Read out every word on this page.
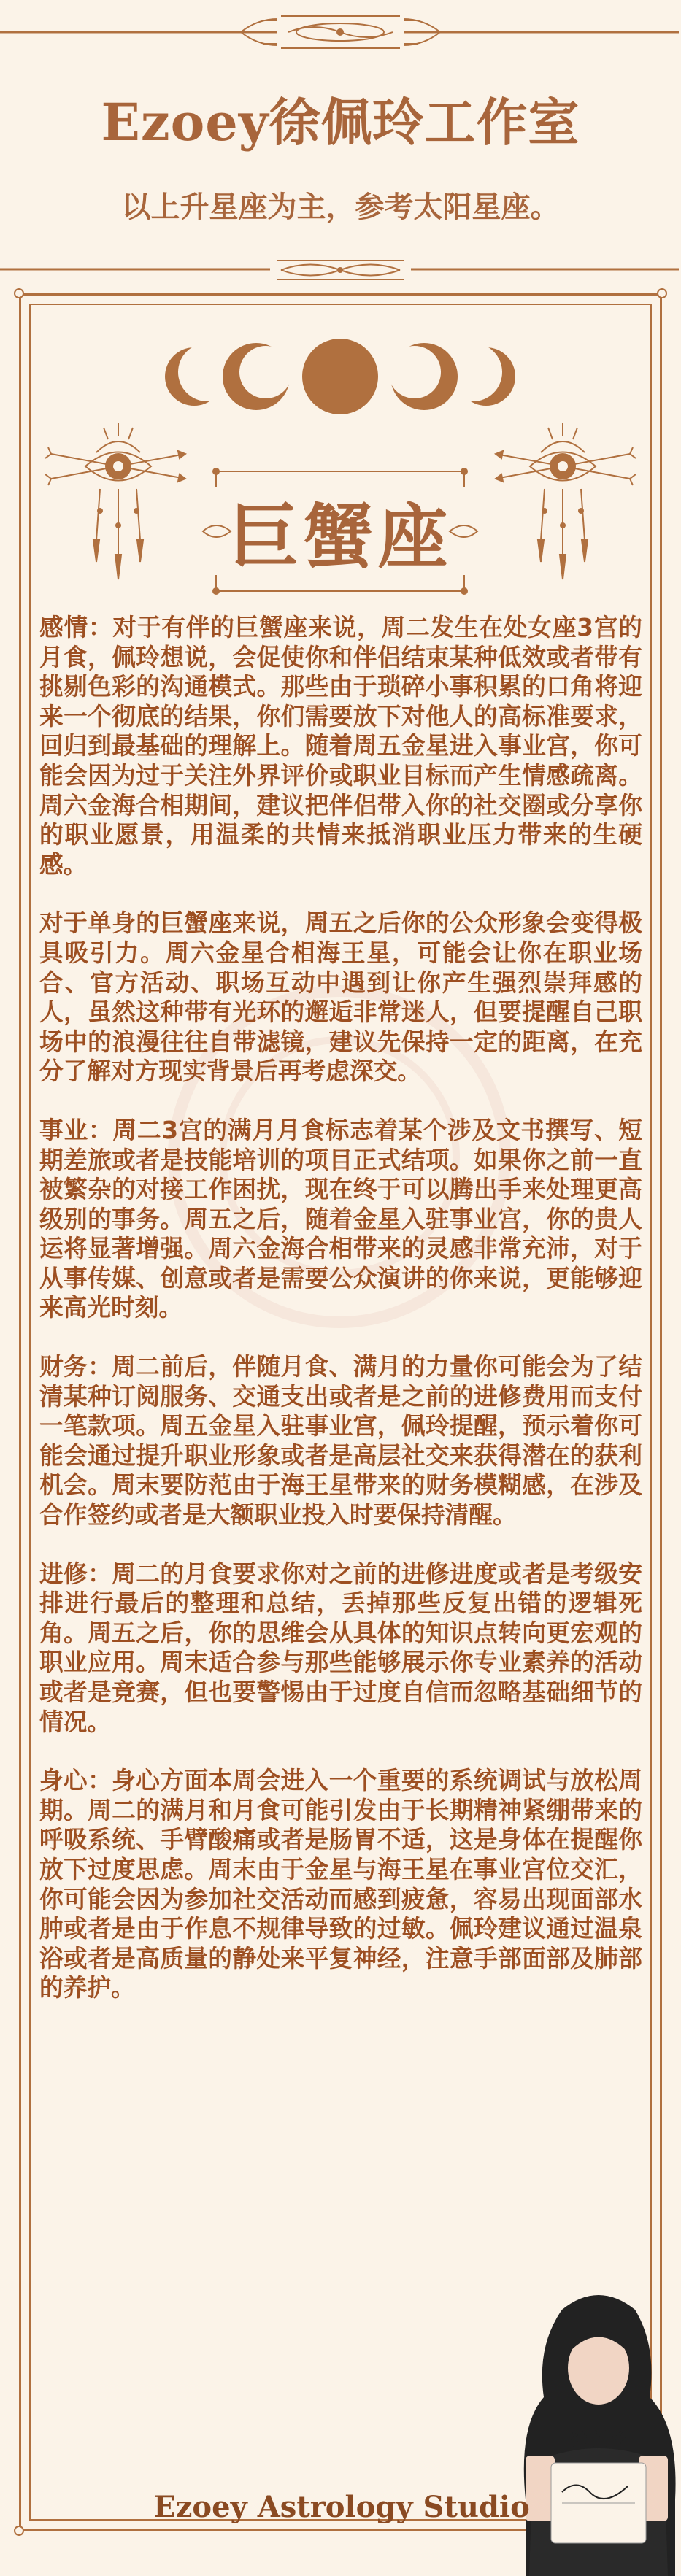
Ezoey徐佩玲工作室
以上升星座为主，参考太阳星座。
巨蟹座

感情：对于有伴的巨蟹座来说，周二发生在处女座3宫的月食，佩玲想说，会促使你和伴侣结束某种低效或者带有挑剔色彩的沟通模式。那些由于琐碎小事积累的口角将迎来一个彻底的结果，你们需要放下对他人的高标准要求，回归到最基础的理解上。随着周五金星进入事业宫，你可能会因为过于关注外界评价或职业目标而产生情感疏离。周六金海合相期间，建议把伴侣带入你的社交圈或分享你的职业愿景，用温柔的共情来抵消职业压力带来的生硬感。

对于单身的巨蟹座来说，周五之后你的公众形象会变得极具吸引力。周六金星合相海王星，可能会让你在职业场合、官方活动、职场互动中遇到让你产生强烈崇拜感的人，虽然这种带有光环的邂逅非常迷人，但要提醒自己职场中的浪漫往往自带滤镜，建议先保持一定的距离，在充分了解对方现实背景后再考虑深交。

事业：周二3宫的满月月食标志着某个涉及文书撰写、短期差旅或者是技能培训的项目正式结项。如果你之前一直被繁杂的对接工作困扰，现在终于可以腾出手来处理更高级别的事务。周五之后，随着金星入驻事业宫，你的贵人运将显著增强。周六金海合相带来的灵感非常充沛，对于从事传媒、创意或者是需要公众演讲的你来说，更能够迎来高光时刻。

财务：周二前后，伴随月食、满月的力量你可能会为了结清某种订阅服务、交通支出或者是之前的进修费用而支付一笔款项。周五金星入驻事业宫，佩玲提醒，预示着你可能会通过提升职业形象或者是高层社交来获得潜在的获利机会。周末要防范由于海王星带来的财务模糊感，在涉及合作签约或者是大额职业投入时要保持清醒。

进修：周二的月食要求你对之前的进修进度或者是考级安排进行最后的整理和总结，丢掉那些反复出错的逻辑死角。周五之后，你的思维会从具体的知识点转向更宏观的职业应用。周末适合参与那些能够展示你专业素养的活动或者是竞赛，但也要警惕由于过度自信而忽略基础细节的情况。

身心：身心方面本周会进入一个重要的系统调试与放松周期。周二的满月和月食可能引发由于长期精神紧绷带来的呼吸系统、手臂酸痛或者是肠胃不适，这是身体在提醒你放下过度思虑。周末由于金星与海王星在事业宫位交汇，你可能会因为参加社交活动而感到疲惫，容易出现面部水肿或者是由于作息不规律导致的过敏。佩玲建议通过温泉浴或者是高质量的静处来平复神经，注意手部面部及肺部的养护。

徐佩玲
Ezoey Astrology Studio
